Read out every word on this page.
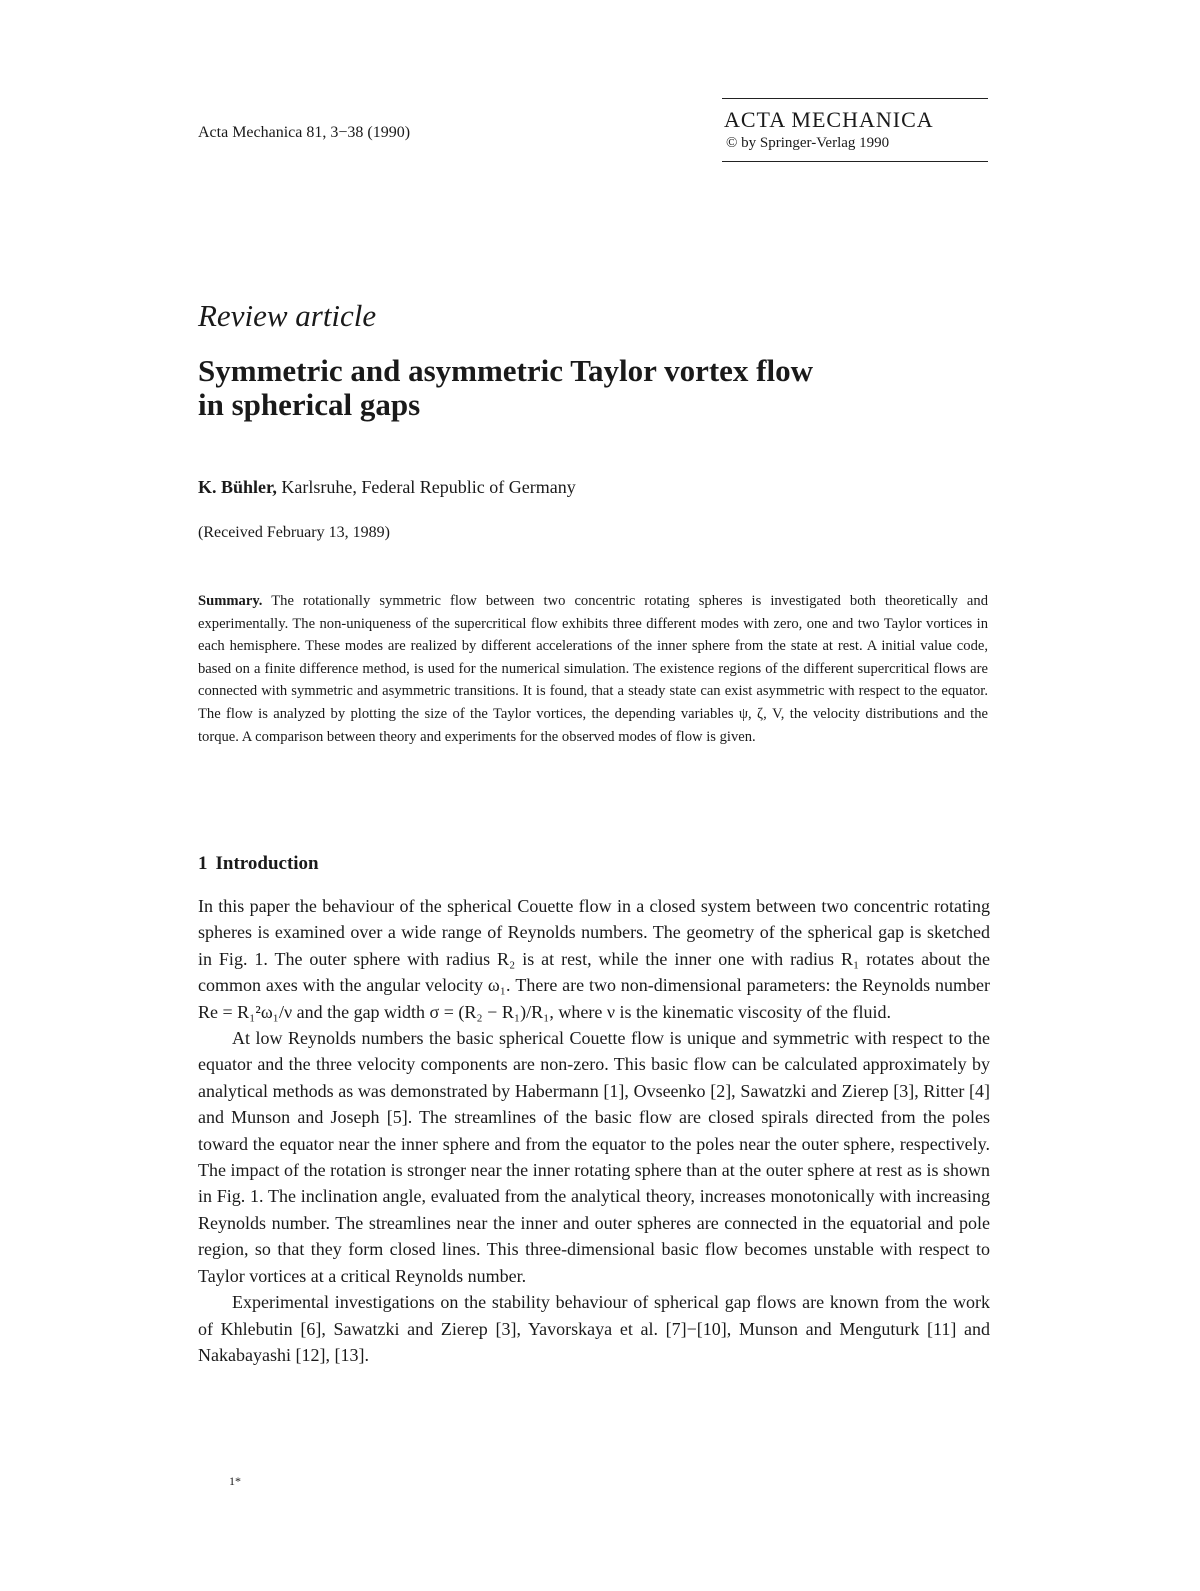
Acta Mechanica 81, 3−38 (1990)
ACTA MECHANICA
© by Springer-Verlag 1990
Review article
Symmetric and asymmetric Taylor vortex flow
in spherical gaps
K. Bühler, Karlsruhe, Federal Republic of Germany
(Received February 13, 1989)
Summary. The rotationally symmetric flow between two concentric rotating spheres is investigated both theoretically and experimentally. The non-uniqueness of the supercritical flow exhibits three different modes with zero, one and two Taylor vortices in each hemisphere. These modes are realized by different accelerations of the inner sphere from the state at rest. A initial value code, based on a finite difference method, is used for the numerical simulation. The existence regions of the different supercritical flows are connected with symmetric and asymmetric transitions. It is found, that a steady state can exist asymmetric with respect to the equator. The flow is analyzed by plotting the size of the Taylor vortices, the depending variables ψ, ζ, V, the velocity distributions and the torque. A comparison between theory and experiments for the observed modes of flow is given.
1 Introduction

In this paper the behaviour of the spherical Couette flow in a closed system between two concentric rotating spheres is examined over a wide range of Reynolds numbers. The geometry of the spherical gap is sketched in Fig. 1. The outer sphere with radius R₂ is at rest, while the inner one with radius R₁ rotates about the common axes with the angular velocity ω₁. There are two non-dimensional parameters: the Reynolds number Re = R₁²ω₁/ν and the gap width σ = (R₂ − R₁)/R₁, where ν is the kinematic viscosity of the fluid.

At low Reynolds numbers the basic spherical Couette flow is unique and symmetric with respect to the equator and the three velocity components are non-zero. This basic flow can be calculated approximately by analytical methods as was demonstrated by Habermann [1], Ovseenko [2], Sawatzki and Zierep [3], Ritter [4] and Munson and Joseph [5]. The streamlines of the basic flow are closed spirals directed from the poles toward the equator near the inner sphere and from the equator to the poles near the outer sphere, respectively. The impact of the rotation is stronger near the inner rotating sphere than at the outer sphere at rest as is shown in Fig. 1. The inclination angle, evaluated from the analytical theory, increases monotonically with increasing Reynolds number. The streamlines near the inner and outer spheres are connected in the equatorial and pole region, so that they form closed lines. This three-dimensional basic flow becomes unstable with respect to Taylor vortices at a critical Reynolds number.

Experimental investigations on the stability behaviour of spherical gap flows are known from the work of Khlebutin [6], Sawatzki and Zierep [3], Yavorskaya et al. [7]−[10], Munson and Menguturk [11] and Nakabayashi [12], [13].

1*
